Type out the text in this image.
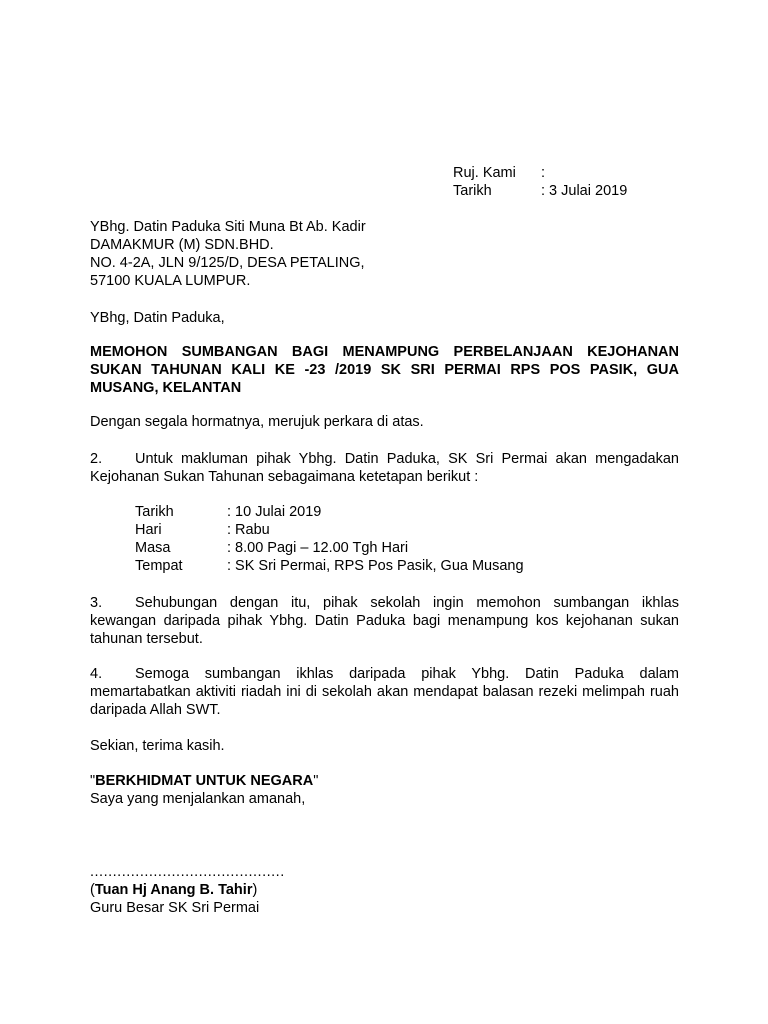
Ruj. Kami :
Tarikh	: 3 Julai 2019
YBhg. Datin Paduka Siti Muna Bt Ab. Kadir
DAMAKMUR (M) SDN.BHD.
NO. 4-2A, JLN 9/125/D, DESA PETALING,
57100 KUALA LUMPUR.
YBhg, Datin Paduka,
MEMOHON SUMBANGAN BAGI MENAMPUNG PERBELANJAAN KEJOHANAN SUKAN TAHUNAN KALI KE -23 /2019 SK SRI PERMAI RPS POS PASIK, GUA MUSANG, KELANTAN
Dengan segala hormatnya, merujuk perkara di atas.
2. Untuk makluman pihak Ybhg. Datin Paduka, SK Sri Permai akan mengadakan Kejohanan Sukan Tahunan sebagaimana ketetapan berikut :
Tarikh	: 10 Julai 2019
Hari	: Rabu
Masa	: 8.00 Pagi – 12.00 Tgh Hari
Tempat	: SK Sri Permai, RPS Pos Pasik, Gua Musang
3. Sehubungan dengan itu, pihak sekolah ingin memohon sumbangan ikhlas kewangan daripada pihak Ybhg. Datin Paduka bagi menampung kos kejohanan sukan tahunan tersebut.
4. Semoga sumbangan ikhlas daripada pihak Ybhg. Datin Paduka dalam memartabatkan aktiviti riadah ini di sekolah akan mendapat balasan rezeki melimpah ruah daripada Allah SWT.
Sekian, terima kasih.
"BERKHIDMAT UNTUK NEGARA"
Saya yang menjalankan amanah,
...........................................
(Tuan Hj Anang B. Tahir)
Guru Besar SK Sri Permai
